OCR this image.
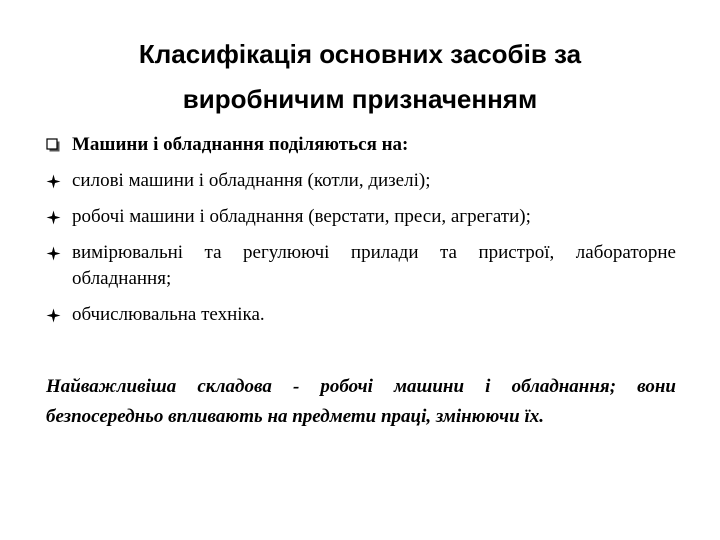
Класифікація основних засобів за
виробничим призначенням
Машини і обладнання поділяються на:
силові машини і обладнання (котли, дизелі);
робочі машини і обладнання (верстати, преси, агрегати);
вимірювальні та регулюючі прилади та пристрої, лабораторне обладнання;
обчислювальна техніка.
Найважливіша складова - робочі машини і обладнання; вони безпосередньо впливають на предмети праці, змінюючи їх.
